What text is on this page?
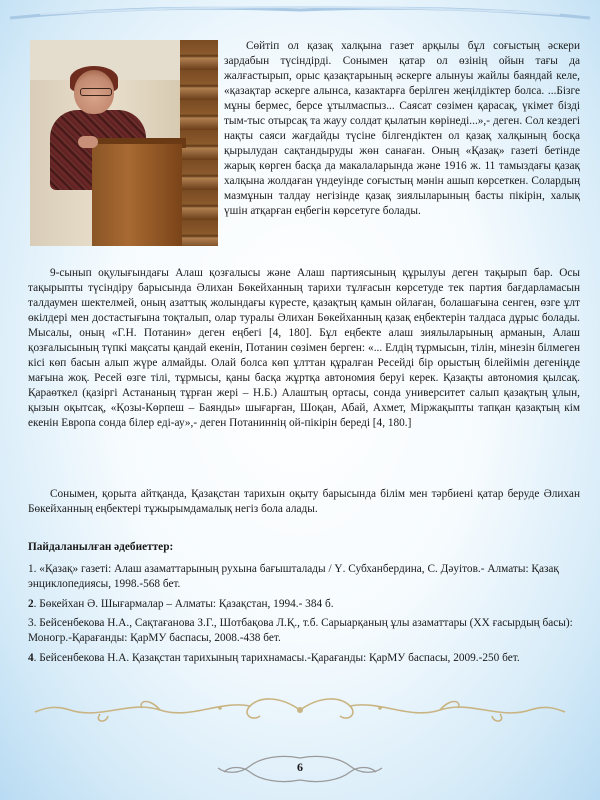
Сөйтіп ол қазақ халқына газет арқылы бұл соғыстың әскери зардабын түсіндірді. Сонымен қатар ол өзінің ойын тағы да жалғастырып, орыс қазақтарының әскерге алынуы жайлы баяндай келе, «қазақтар әскерге алынса, казактарға берілген жеңілдіктер болса. ...Бізге мұны бермес, берсе ұтылмаспыз... Саясат сөзімен қарасақ, үкімет бізді тым-тыс отырсақ та жауу солдат қылатын көрінеді...»,- деген. Сол кездегі нақты саяси жағдайды түсіне білгендіктен ол қазақ халқының босқа қырылудан сақтандыруды жөн санаған. Оның «Қазақ» газеті бетінде жарық көрген басқа да макалаларында және 1916 ж. 11 тамыздағы қазақ халқына жолдаған үндеуінде соғыстың мәнін ашып көрсеткен. Солардың мазмұнын талдау негізінде қазақ зиялыларының басты пікірін, халық үшін атқарған еңбегін көрсетуге болады.

9-сынып оқулығындағы Алаш қозғалысы және Алаш партиясының құрылуы деген тақырып бар. Осы тақырыпты түсіндіру барысында Әлихан Бөкейханның тарихи тұлғасын көрсетуде тек партия бағдарламасын талдаумен шектелмей, оның азаттық жолындағы күресте, қазақтың қамын ойлаған, болашағына сенген, өзге ұлт өкілдері мен достастығына тоқталып, олар туралы Әлихан Бөкейханның қазақ еңбектерін талдаса дұрыс болады. Мысалы, оның «Г.Н. Потанин» деген еңбегі [4, 180]. Бұл еңбекте алаш зиялыларының арманын, Алаш қозғалысының түпкі мақсаты қандай екенін, Потанин сөзімен берген: «... Елдің тұрмысын, тілін, мінезін білмеген кісі көп басын алып жүре алмайды. Олай болса көп ұлттан құралған Ресейді бір орыстың білейімін дегеніңде мағына жоқ. Ресей өзге тілі, тұрмысы, қаны басқа жұртқа автономия беруі керек. Қазақты автономия қылсақ. Қараөткел (қазіргі Астананың тұрған жері – Н.Б.) Алаштың ортасы, сонда университет салып қазақтың ұлын, қызын оқытсақ, «Қозы-Көрпеш – Баянды» шығарған, Шоқан, Абай, Ахмет, Міржақыпты тапқан қазақтың кім екенін Европа сонда білер еді-ау»,- деген Потаниннің ой-пікірін береді [4, 180.]

Сонымен, қорыта айтқанда, Қазақстан тарихын оқыту барысында білім мен тәрбиені қатар беруде Әлихан Бөкейханның еңбектері тұжырымдамалық негіз бола алады.

Пайдаланылған әдебиеттер:

1. «Қазақ» газеті: Алаш азаматтарының рухына бағышталады / Ү. Субханбердина, С. Дәуітов.- Алматы: Қазақ энциклопедиясы, 1998.-568 бет.

2. Бөкейхан Ә. Шығармалар – Алматы: Қазақстан, 1994.- 384 б.

3. Бейсенбекова Н.А., Сақтағанова З.Г., Шотбақова Л.Қ., т.б. Сарыарқаның ұлы азаматтары (ХХ ғасырдың басы): Моногр.-Қарағанды: ҚарМУ баспасы, 2008.-438 бет.

4. Бейсенбекова Н.А. Қазақстан тарихының тарихнамасы.-Қарағанды: ҚарМУ баспасы, 2009.-250 бет.

6
